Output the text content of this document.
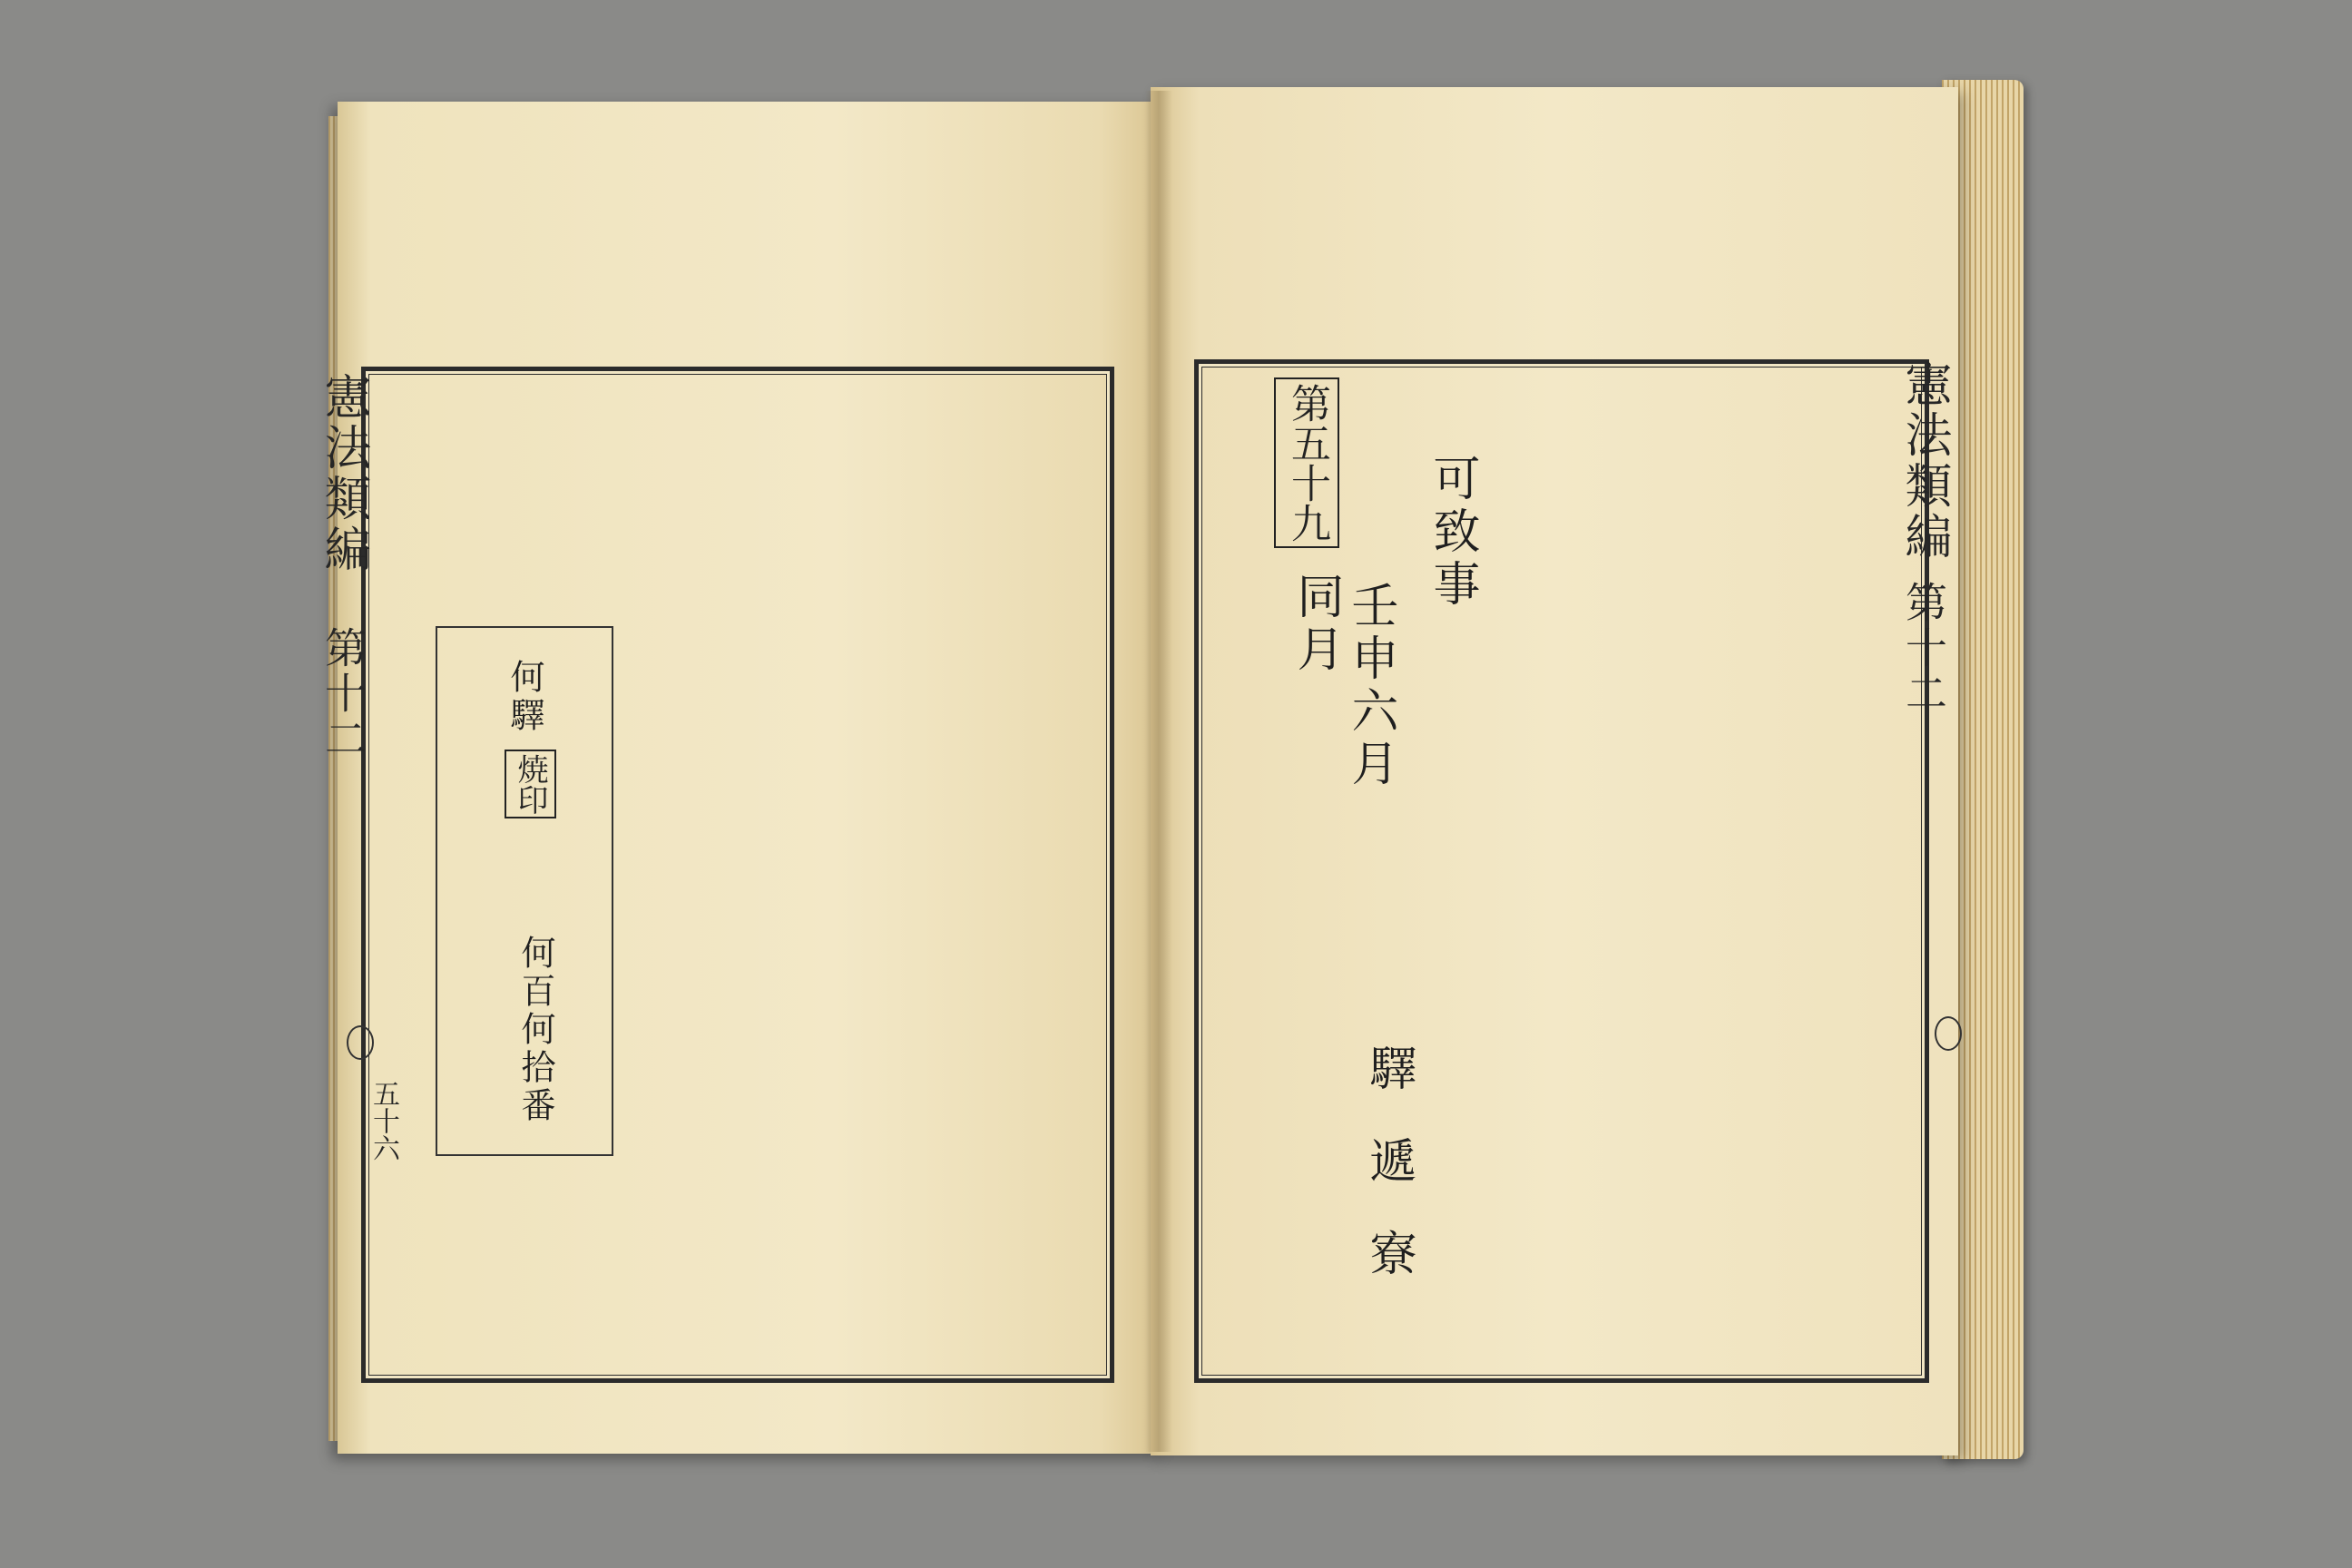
憲法類編
第十二
五十六
何驛
焼印
何百何拾番
憲法類編
第十二
可致事
壬申六月
驛遞寮
第五十九
同月
